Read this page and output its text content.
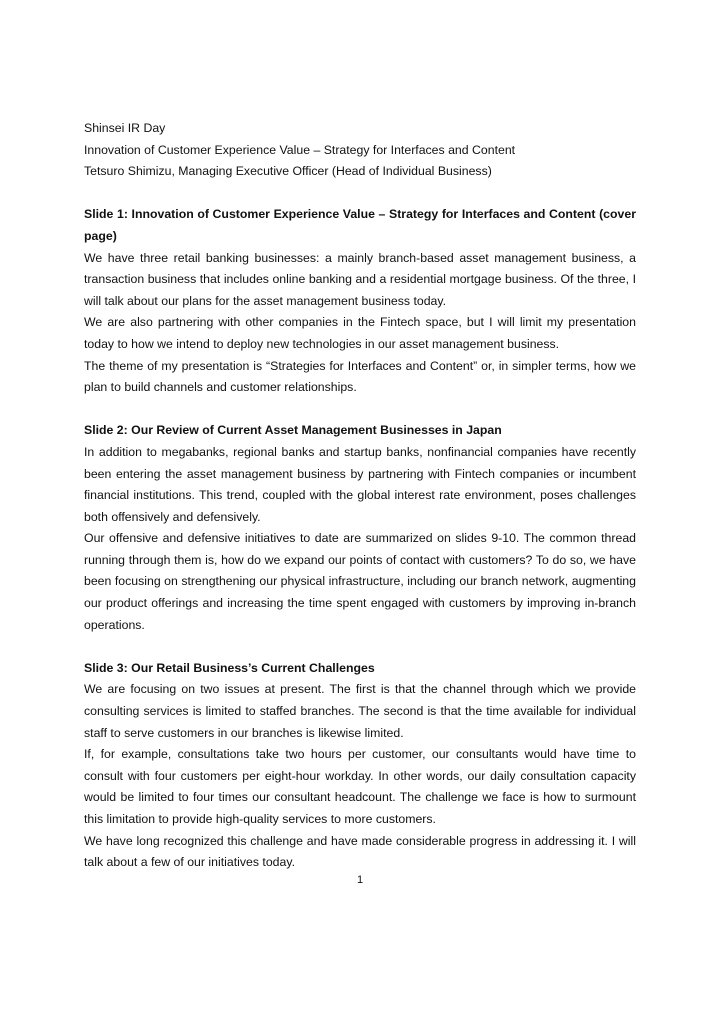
Shinsei IR Day

Innovation of Customer Experience Value – Strategy for Interfaces and Content

Tetsuro Shimizu, Managing Executive Officer (Head of Individual Business)

Slide 1: Innovation of Customer Experience Value – Strategy for Interfaces and Content (cover page)

We have three retail banking businesses: a mainly branch-based asset management business, a transaction business that includes online banking and a residential mortgage business. Of the three, I will talk about our plans for the asset management business today.

We are also partnering with other companies in the Fintech space, but I will limit my presentation today to how we intend to deploy new technologies in our asset management business.

The theme of my presentation is “Strategies for Interfaces and Content” or, in simpler terms, how we plan to build channels and customer relationships.

Slide 2: Our Review of Current Asset Management Businesses in Japan

In addition to megabanks, regional banks and startup banks, nonfinancial companies have recently been entering the asset management business by partnering with Fintech companies or incumbent financial institutions. This trend, coupled with the global interest rate environment, poses challenges both offensively and defensively.

Our offensive and defensive initiatives to date are summarized on slides 9-10. The common thread running through them is, how do we expand our points of contact with customers? To do so, we have been focusing on strengthening our physical infrastructure, including our branch network, augmenting our product offerings and increasing the time spent engaged with customers by improving in-branch operations.

Slide 3: Our Retail Business’s Current Challenges

We are focusing on two issues at present. The first is that the channel through which we provide consulting services is limited to staffed branches. The second is that the time available for individual staff to serve customers in our branches is likewise limited.

If, for example, consultations take two hours per customer, our consultants would have time to consult with four customers per eight-hour workday. In other words, our daily consultation capacity would be limited to four times our consultant headcount. The challenge we face is how to surmount this limitation to provide high-quality services to more customers.

We have long recognized this challenge and have made considerable progress in addressing it. I will talk about a few of our initiatives today.

1
